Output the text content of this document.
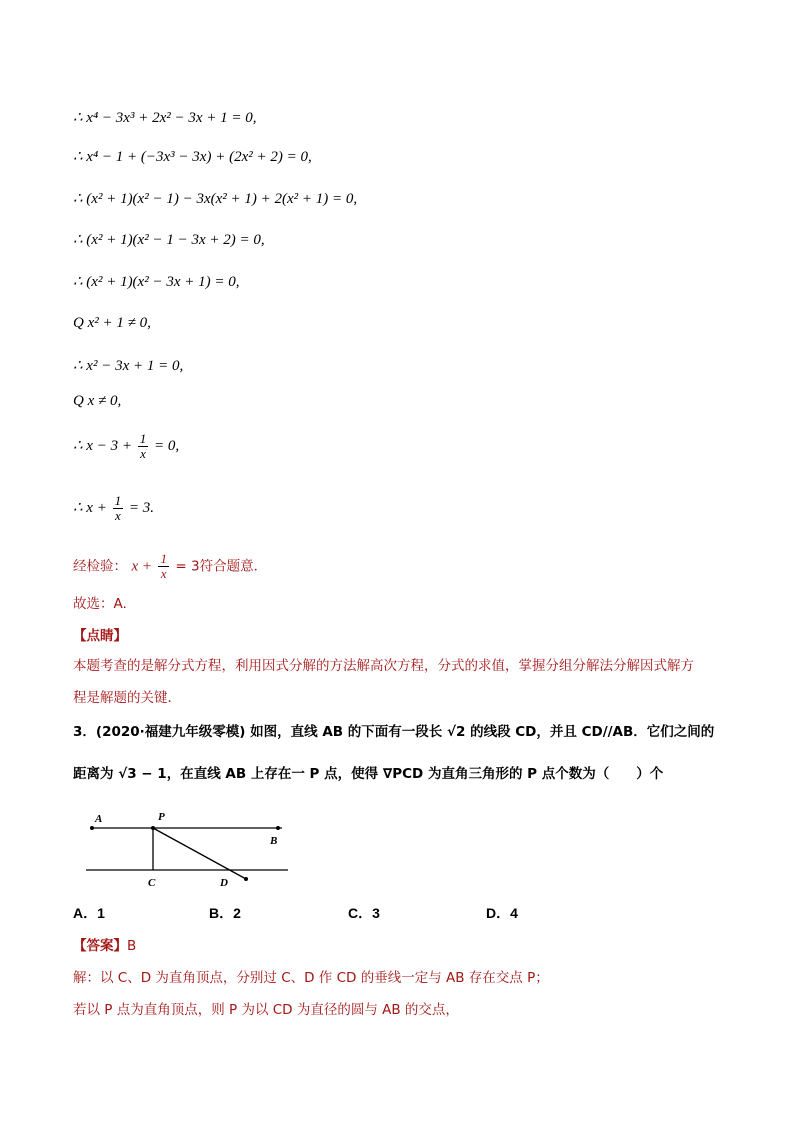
∴ x⁴ − 3x³ + 2x² − 3x + 1 = 0,
∴ x⁴ − 1 + (−3x³ − 3x) + (2x² + 2) = 0,
∴ (x² + 1)(x² − 1) − 3x(x² + 1) + 2(x² + 1) = 0,
∴ (x² + 1)(x² − 1 − 3x + 2) = 0,
∴ (x² + 1)(x² − 3x + 1) = 0,
Q x² + 1 ≠ 0,
∴ x² − 3x + 1 = 0,
Q x ≠ 0,
∴ $x - 3 + \frac{1}{x} = 0$,
∴ $x + \frac{1}{x} = 3$.
经检验： $x + \frac{1}{x} = 3$符合题意．
故选：A.
【点睛】
本题考查的是解分式方程，利用因式分解的方法解高次方程，分式的求值，掌握分组分解法分解因式解方
程是解题的关键．
3．(2020·福建九年级零模) 如图，直线 AB 的下面有一段长 √2 的线段 CD，并且 CD//AB．它们之间的
距离为 √3 − 1，在直线 AB 上存在一 P 点，使得 ∇PCD 为直角三角形的 P 点个数为（　　）个
A	P
B
C	D
A．1	B．2	C．3	D．4
【答案】B
解：以 C、D 为直角顶点，分别过 C、D 作 CD 的垂线一定与 AB 存在交点 P；
若以 P 点为直角顶点，则 P 为以 CD 为直径的圆与 AB 的交点，
